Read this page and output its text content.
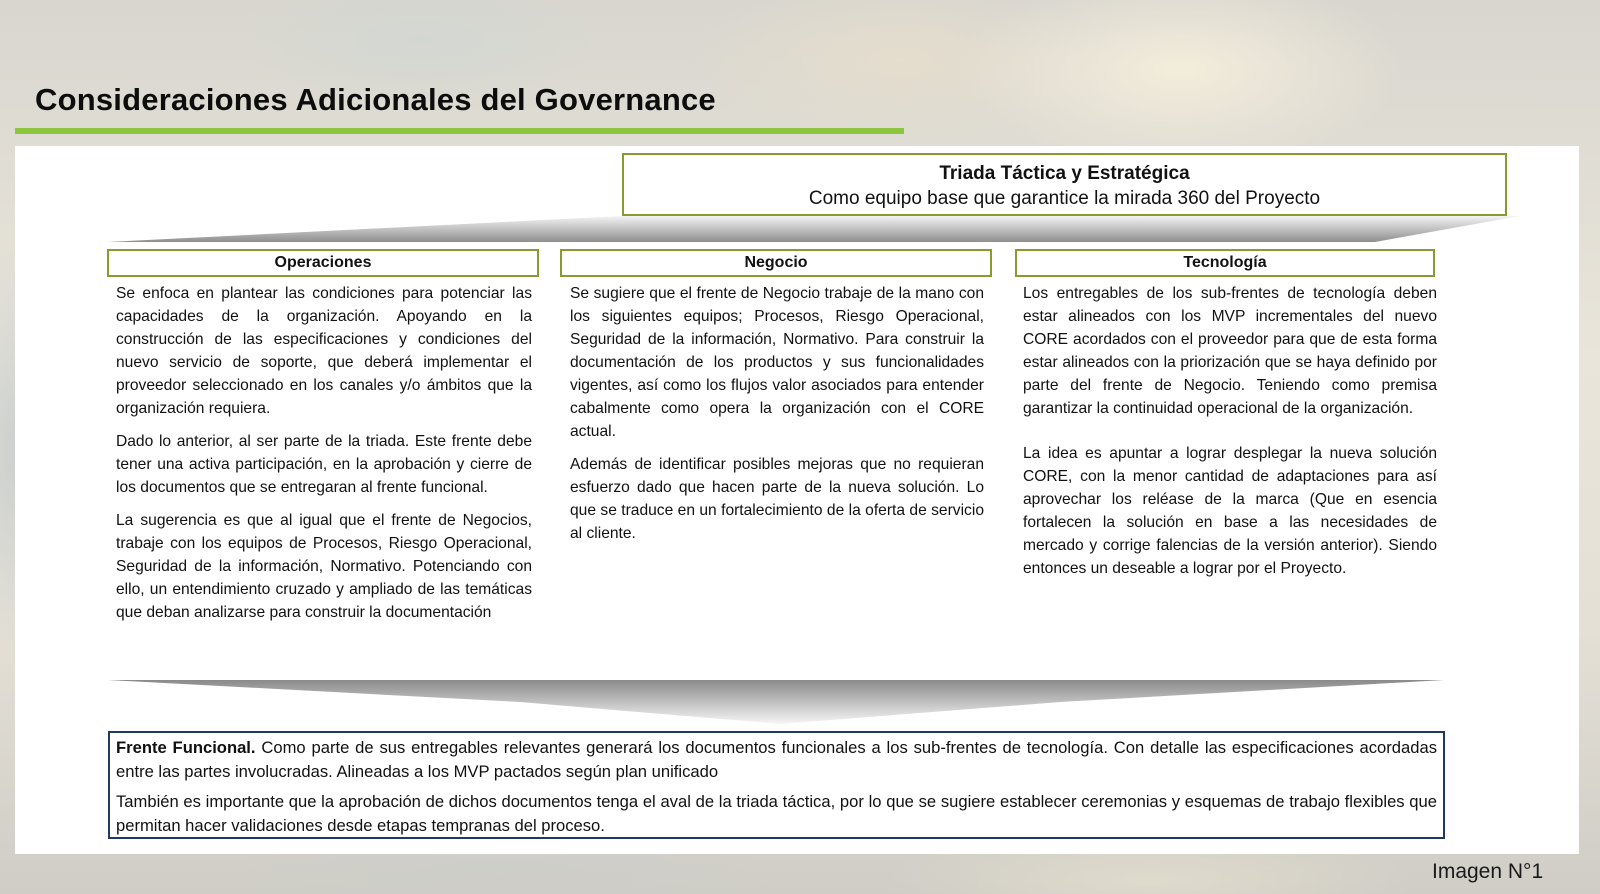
Consideraciones Adicionales del Governance
Triada Táctica y Estratégica
Como equipo base que garantice la mirada 360 del Proyecto
Operaciones	Negocio	Tecnología

Se enfoca en plantear las condiciones para potenciar las capacidades de la organización. Apoyando en la construcción de las especificaciones y condiciones del nuevo servicio de soporte, que deberá implementar el proveedor seleccionado en los canales y/o ámbitos que la organización requiera.

Dado lo anterior, al ser parte de la triada. Este frente debe tener una activa participación, en la aprobación y cierre de los documentos que se entregaran al frente funcional.

La sugerencia es que al igual que el frente de Negocios, trabaje con los equipos de Procesos, Riesgo Operacional, Seguridad de la información, Normativo. Potenciando con ello, un entendimiento cruzado y ampliado de las temáticas que deban analizarse para construir la documentación

Se sugiere que el frente de Negocio trabaje de la mano con los siguientes equipos; Procesos, Riesgo Operacional, Seguridad de la información, Normativo. Para construir la documentación de los productos y sus funcionalidades vigentes, así como los flujos valor asociados para entender cabalmente como opera la organización con el CORE actual.

Además de identificar posibles mejoras que no requieran esfuerzo dado que hacen parte de la nueva solución. Lo que se traduce en un fortalecimiento de la oferta de servicio al cliente.

Los entregables de los sub-frentes de tecnología deben estar alineados con los MVP incrementales del nuevo CORE acordados con el proveedor para que de esta forma estar alineados con la priorización que se haya definido por parte del frente de Negocio. Teniendo como premisa garantizar la continuidad operacional de la organización.

La idea es apuntar a lograr desplegar la nueva solución CORE, con la menor cantidad de adaptaciones para así aprovechar los reléase de la marca (Que en esencia fortalecen la solución en base a las necesidades de mercado y corrige falencias de la versión anterior). Siendo entonces un deseable a lograr por el Proyecto.

Frente Funcional. Como parte de sus entregables relevantes generará los documentos funcionales a los sub-frentes de tecnología. Con detalle las especificaciones acordadas entre las partes involucradas. Alineadas a los MVP pactados según plan unificado

También es importante que la aprobación de dichos documentos tenga el aval de la triada táctica, por lo que se sugiere establecer ceremonias y esquemas de trabajo flexibles que permitan hacer validaciones desde etapas tempranas del proceso.

Imagen N°1
